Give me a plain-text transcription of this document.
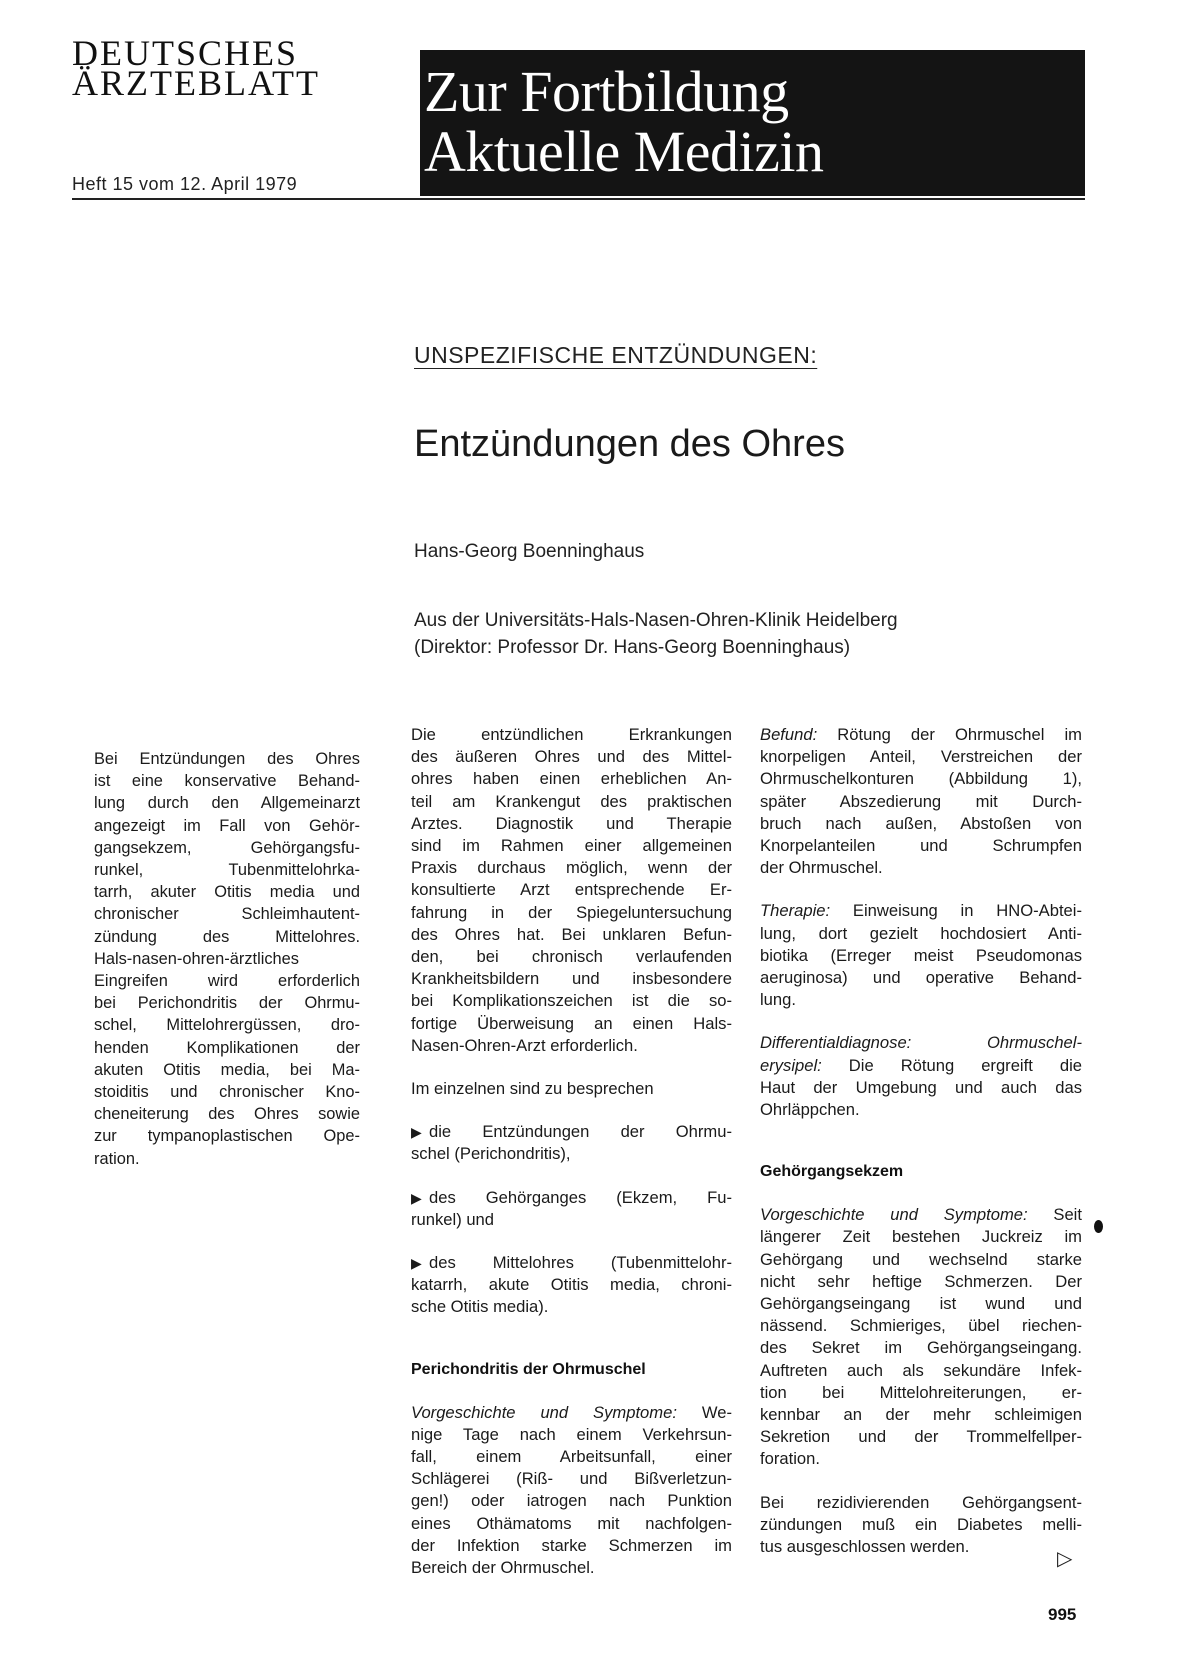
DEUTSCHES
ÄRZTEBLATT
Heft 15 vom 12. April 1979
Zur Fortbildung
Aktuelle Medizin
UNSPEZIFISCHE ENTZÜNDUNGEN:
Entzündungen des Ohres
Hans-Georg Boenninghaus
Aus der Universitäts-Hals-Nasen-Ohren-Klinik Heidelberg
(Direktor: Professor Dr. Hans-Georg Boenninghaus)
Bei Entzündungen des Ohres
ist eine konservative Behand-
lung durch den Allgemeinarzt
angezeigt im Fall von Gehör-
gangsekzem, Gehörgangsfu-
runkel, Tubenmittelohrka-
tarrh, akuter Otitis media und
chronischer Schleimhautent-
zündung des Mittelohres.
Hals-nasen-ohren-ärztliches
Eingreifen wird erforderlich
bei Perichondritis der Ohrmu-
schel, Mittelohrergüssen, dro-
henden Komplikationen der
akuten Otitis media, bei Ma-
stoiditis und chronischer Kno-
cheneiterung des Ohres sowie
zur tympanoplastischen Ope-
ration.
Die entzündlichen Erkrankungen
des äußeren Ohres und des Mittel-
ohres haben einen erheblichen An-
teil am Krankengut des praktischen
Arztes. Diagnostik und Therapie
sind im Rahmen einer allgemeinen
Praxis durchaus möglich, wenn der
konsultierte Arzt entsprechende Er-
fahrung in der Spiegeluntersuchung
des Ohres hat. Bei unklaren Befun-
den, bei chronisch verlaufenden
Krankheitsbildern und insbesondere
bei Komplikationszeichen ist die so-
fortige Überweisung an einen Hals-
Nasen-Ohren-Arzt erforderlich.
Im einzelnen sind zu besprechen
▶ die Entzündungen der Ohrmu-
schel (Perichondritis),
▶ des Gehörganges (Ekzem, Fu-
runkel) und
▶ des Mittelohres (Tubenmittelohr-
katarrh, akute Otitis media, chroni-
sche Otitis media).
Perichondritis der Ohrmuschel
Vorgeschichte und Symptome: We-
nige Tage nach einem Verkehrsun-
fall, einem Arbeitsunfall, einer
Schlägerei (Riß- und Bißverletzun-
gen!) oder iatrogen nach Punktion
eines Othämatoms mit nachfolgen-
der Infektion starke Schmerzen im
Bereich der Ohrmuschel.
Befund: Rötung der Ohrmuschel im
knorpeligen Anteil, Verstreichen der
Ohrmuschelkonturen (Abbildung 1),
später Abszedierung mit Durch-
bruch nach außen, Abstoßen von
Knorpelanteilen und Schrumpfen
der Ohrmuschel.
Therapie: Einweisung in HNO-Abtei-
lung, dort gezielt hochdosiert Anti-
biotika (Erreger meist Pseudomonas
aeruginosa) und operative Behand-
lung.
Differentialdiagnose: Ohrmuschel-
erysipel: Die Rötung ergreift die
Haut der Umgebung und auch das
Ohrläppchen.
Gehörgangsekzem
Vorgeschichte und Symptome: Seit
längerer Zeit bestehen Juckreiz im
Gehörgang und wechselnd starke
nicht sehr heftige Schmerzen. Der
Gehörgangseingang ist wund und
nässend. Schmieriges, übel riechen-
des Sekret im Gehörgangseingang.
Auftreten auch als sekundäre Infek-
tion bei Mittelohreiterungen, er-
kennbar an der mehr schleimigen
Sekretion und der Trommelfellper-
foration.
Bei rezidivierenden Gehörgangsent-
zündungen muß ein Diabetes melli-
tus ausgeschlossen werden.
▷
995
